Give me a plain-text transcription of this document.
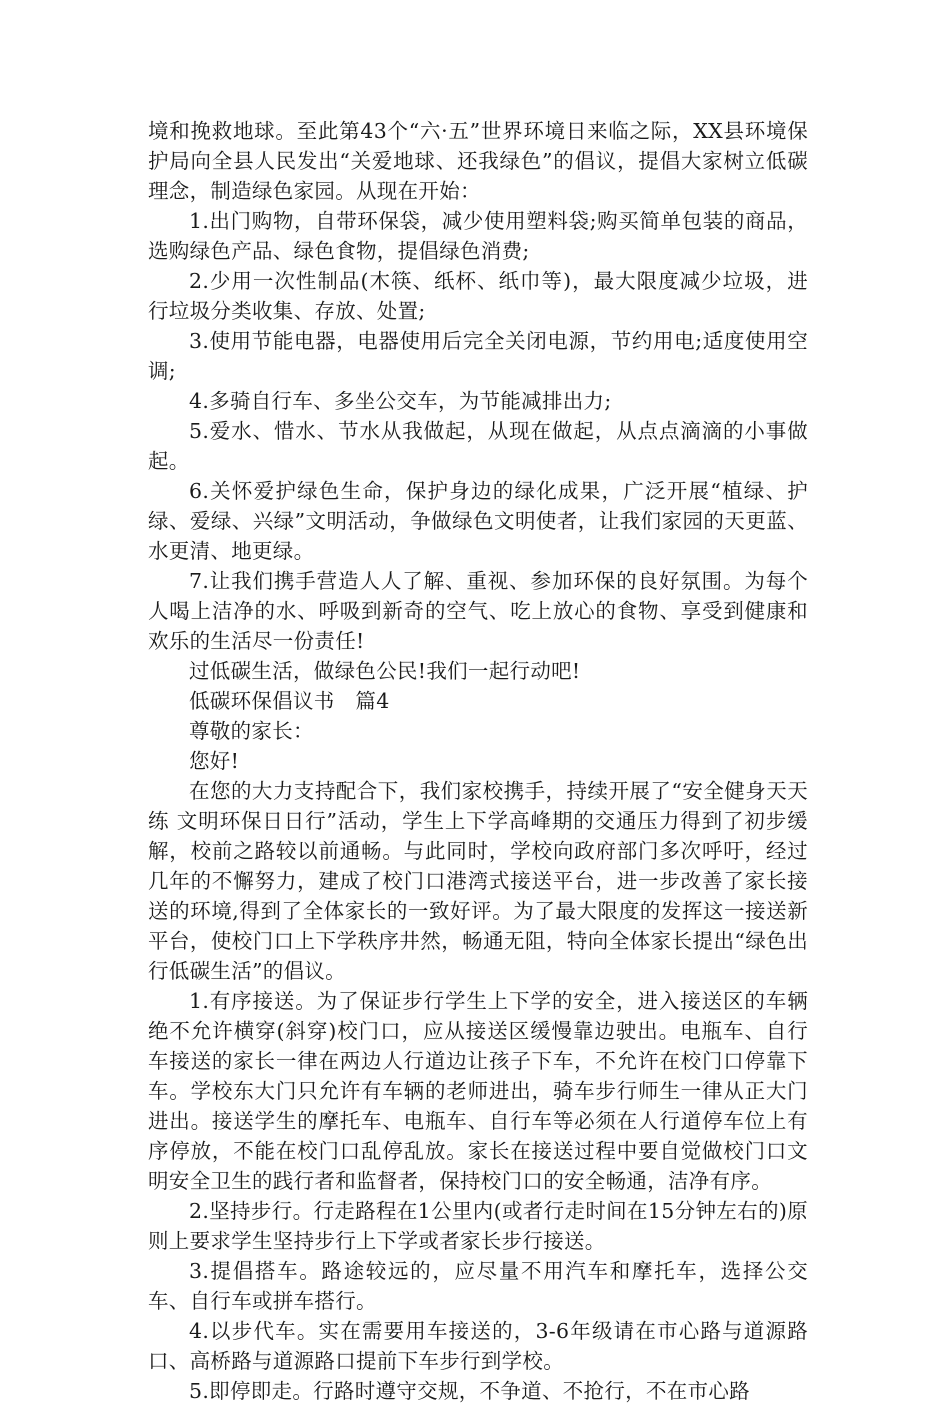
境和挽救地球。至此第43个“六·五”世界环境日来临之际，XX县环境保护局向全县人民发出“关爱地球、还我绿色”的倡议，提倡大家树立低碳理念，制造绿色家园。从现在开始：

1.出门购物，自带环保袋，减少使用塑料袋;购买简单包装的商品，选购绿色产品、绿色食物，提倡绿色消费;

2.少用一次性制品(木筷、纸杯、纸巾等)，最大限度减少垃圾，进行垃圾分类收集、存放、处置;

3.使用节能电器，电器使用后完全关闭电源，节约用电;适度使用空调;

4.多骑自行车、多坐公交车，为节能减排出力;

5.爱水、惜水、节水从我做起，从现在做起，从点点滴滴的小事做起。

6.关怀爱护绿色生命，保护身边的绿化成果，广泛开展“植绿、护绿、爱绿、兴绿”文明活动，争做绿色文明使者，让我们家园的天更蓝、水更清、地更绿。

7.让我们携手营造人人了解、重视、参加环保的良好氛围。为每个人喝上洁净的水、呼吸到新奇的空气、吃上放心的食物、享受到健康和欢乐的生活尽一份责任!

过低碳生活，做绿色公民!我们一起行动吧!

低碳环保倡议书　篇4

尊敬的家长：

您好!

在您的大力支持配合下，我们家校携手，持续开展了“安全健身天天练 文明环保日日行”活动，学生上下学高峰期的交通压力得到了初步缓解，校前之路较以前通畅。与此同时，学校向政府部门多次呼吁，经过几年的不懈努力，建成了校门口港湾式接送平台，进一步改善了家长接送的环境,得到了全体家长的一致好评。为了最大限度的发挥这一接送新平台，使校门口上下学秩序井然，畅通无阻，特向全体家长提出“绿色出行低碳生活”的倡议。

1.有序接送。为了保证步行学生上下学的安全，进入接送区的车辆绝不允许横穿(斜穿)校门口，应从接送区缓慢靠边驶出。电瓶车、自行车接送的家长一律在两边人行道边让孩子下车，不允许在校门口停靠下车。学校东大门只允许有车辆的老师进出，骑车步行师生一律从正大门进出。接送学生的摩托车、电瓶车、自行车等必须在人行道停车位上有序停放，不能在校门口乱停乱放。家长在接送过程中要自觉做校门口文明安全卫生的践行者和监督者，保持校门口的安全畅通，洁净有序。

2.坚持步行。行走路程在1公里内(或者行走时间在15分钟左右的)原则上要求学生坚持步行上下学或者家长步行接送。

3.提倡搭车。路途较远的，应尽量不用汽车和摩托车，选择公交车、自行车或拼车搭行。

4.以步代车。实在需要用车接送的，3-6年级请在市心路与道源路口、高桥路与道源路口提前下车步行到学校。

5.即停即走。行路时遵守交规，不争道、不抢行，不在市心路
